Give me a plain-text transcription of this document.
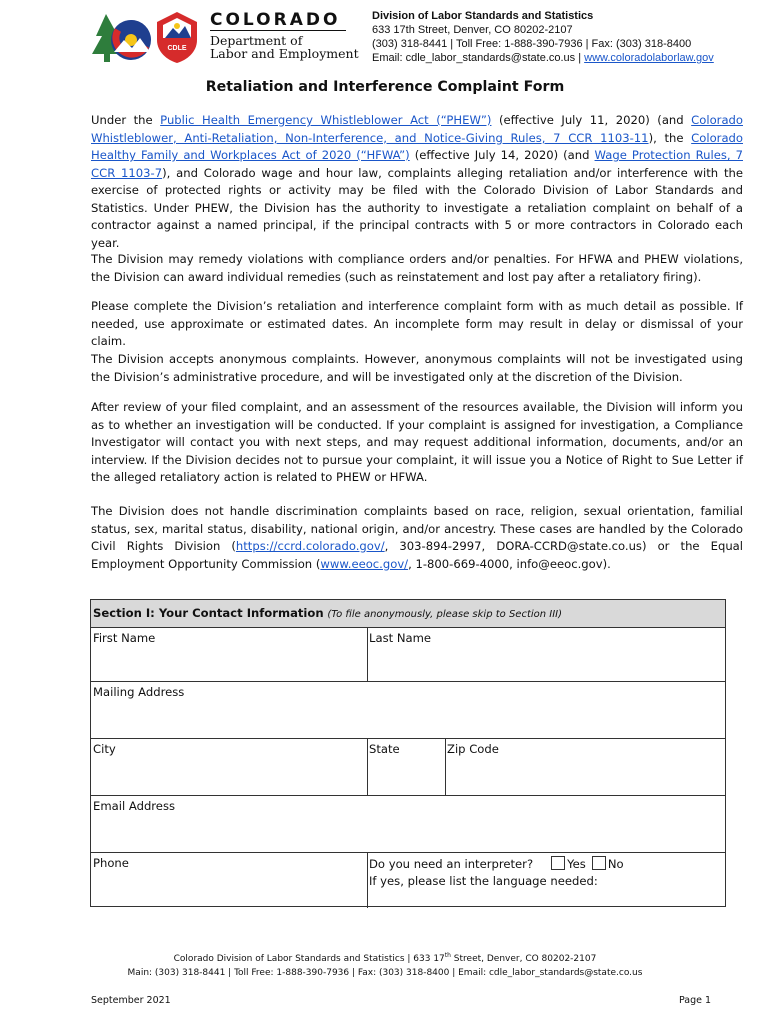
CDLE
COLORADO
Department of
Labor and Employment
Division of Labor Standards and Statistics
633 17th Street, Denver, CO 80202-2107
(303) 318-8441 | Toll Free: 1-888-390-7936 | Fax: (303) 318-8400
Email: cdle_labor_standards@state.co.us | www.coloradolaborlaw.gov
Retaliation and Interference Complaint Form

Under the Public Health Emergency Whistleblower Act (“PHEW”) (effective July 11, 2020) (and Colorado Whistleblower, Anti-Retaliation, Non-Interference, and Notice-Giving Rules, 7 CCR 1103-11), the Colorado Healthy Family and Workplaces Act of 2020 (“HFWA”) (effective July 14, 2020) (and Wage Protection Rules, 7 CCR 1103-7), and Colorado wage and hour law, complaints alleging retaliation and/or interference with the exercise of protected rights or activity may be filed with the Colorado Division of Labor Standards and Statistics. Under PHEW, the Division has the authority to investigate a retaliation complaint on behalf of a contractor against a named principal, if the principal contracts with 5 or more contractors in Colorado each year.

The Division may remedy violations with compliance orders and/or penalties. For HFWA and PHEW violations, the Division can award individual remedies (such as reinstatement and lost pay after a retaliatory firing).
Please complete the Division’s retaliation and interference complaint form with as much detail as possible. If needed, use approximate or estimated dates. An incomplete form may result in delay or dismissal of your claim.
The Division accepts anonymous complaints. However, anonymous complaints will not be investigated using the Division’s administrative procedure, and will be investigated only at the discretion of the Division.
After review of your filed complaint, and an assessment of the resources available, the Division will inform you as to whether an investigation will be conducted. If your complaint is assigned for investigation, a Compliance Investigator will contact you with next steps, and may request additional information, documents, and/or an interview. If the Division decides not to pursue your complaint, it will issue you a Notice of Right to Sue Letter if the alleged retaliatory action is related to PHEW or HFWA.

The Division does not handle discrimination complaints based on race, religion, sexual orientation, familial status, sex, marital status, disability, national origin, and/or ancestry. These cases are handled by the Colorado Civil Rights Division (https://ccrd.colorado.gov/, 303-894-2997, DORA-CCRD@state.co.us) or the Equal Employment Opportunity Commission (www.eeoc.gov/, 1-800-669-4000, info@eeoc.gov).

Section I: Your Contact Information (To file anonymously, please skip to Section III)
First Name	Last Name
Mailing Address
City	State	Zip Code
Email Address
Phone	Do you need an interpreter?	Yes No
If yes, please list the language needed:
Colorado Division of Labor Standards and Statistics | 633 17th Street, Denver, CO 80202-2107
Main: (303) 318-8441 | Toll Free: 1-888-390-7936 | Fax: (303) 318-8400 | Email: cdle_labor_standards@state.co.us
September 2021	Page 1
